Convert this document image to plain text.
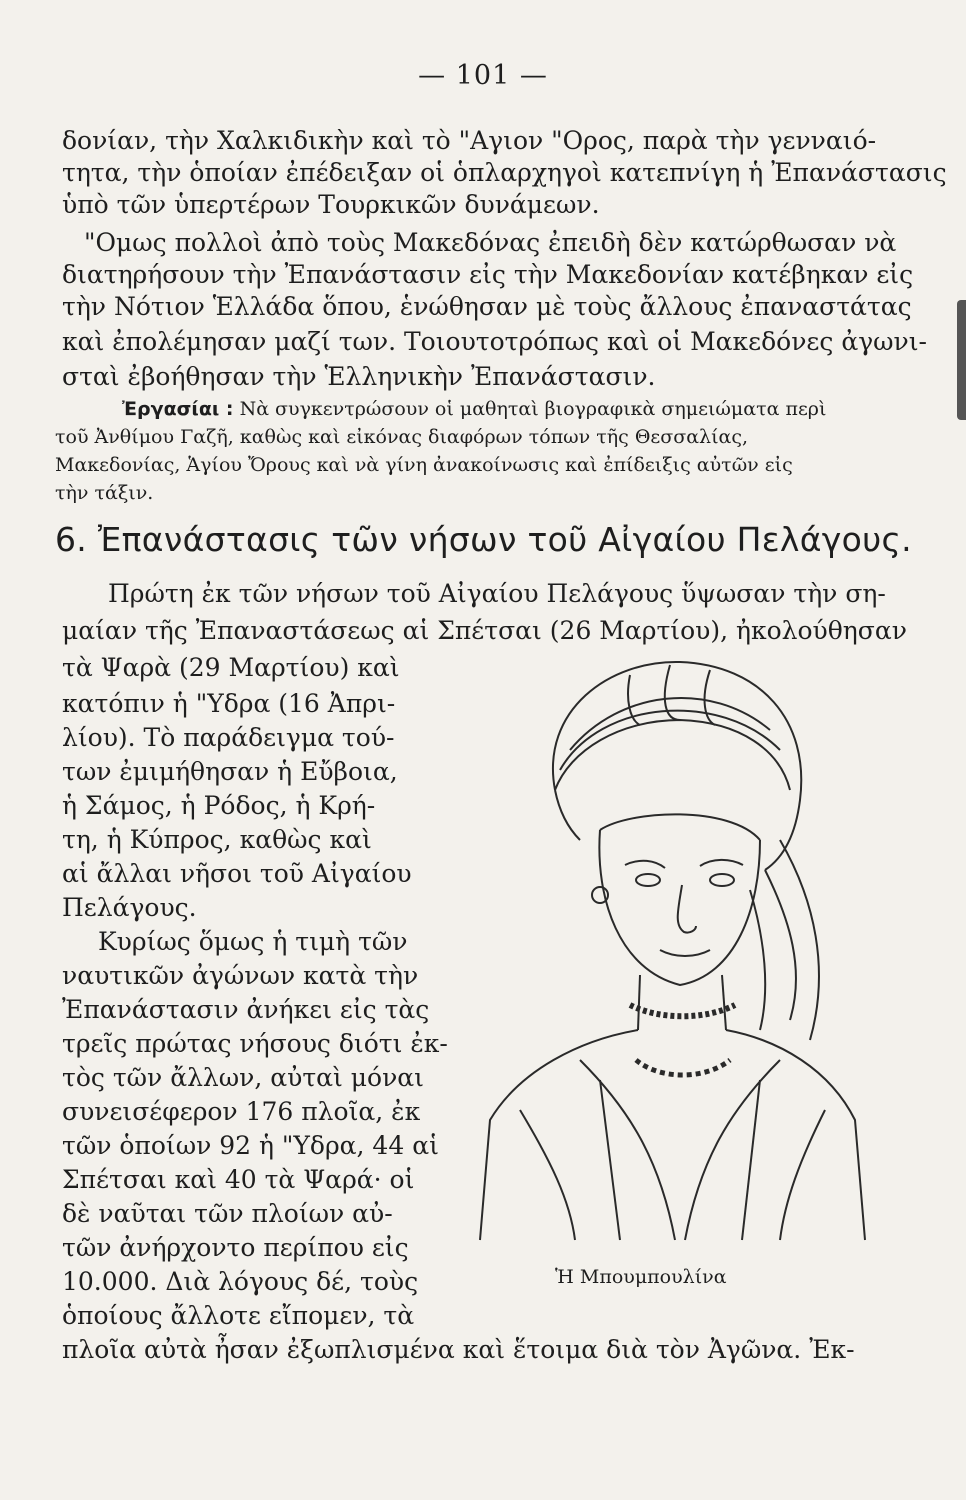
— 101 —
δονίαν, τὴν Χαλκιδικὴν καὶ τὸ "Αγιον "Ορος, παρὰ τὴν γενναιό-
τητα, τὴν ὁποίαν ἐπέδειξαν οἱ ὁπλαρχηγοὶ κατεπνίγη ἡ Ἐπανάστασις
ὑπὸ τῶν ὑπερτέρων Τουρκικῶν δυνάμεων.
"Ομως πολλοὶ ἀπὸ τοὺς Μακεδόνας ἐπειδὴ δὲν κατώρθωσαν νὰ
διατηρήσουν τὴν Ἐπανάστασιν εἰς τὴν Μακεδονίαν κατέβηκαν εἰς
τὴν Νότιον Ἑλλάδα ὅπου, ἑνώθησαν μὲ τοὺς ἄλλους ἐπαναστάτας
καὶ ἐπολέμησαν μαζί των. Τοιουτοτρόπως καὶ οἱ Μακεδόνες ἀγωνι-
σταὶ ἐβοήθησαν τὴν Ἑλληνικὴν Ἐπανάστασιν.
Ἐργασίαι : Νὰ συγκεντρώσουν οἱ μαθηταὶ βιογραφικὰ σημειώματα περὶ
τοῦ Ἀνθίμου Γαζῆ, καθὼς καὶ εἰκόνας διαφόρων τόπων τῆς Θεσσαλίας,
Μακεδονίας, Ἁγίου Ὄρους καὶ νὰ γίνη ἀνακοίνωσις καὶ ἐπίδειξις αὐτῶν εἰς
τὴν τάξιν.
6. Ἐπανάστασις τῶν νήσων τοῦ Αἰγαίου Πελάγους.
Πρώτη ἐκ τῶν νήσων τοῦ Αἰγαίου Πελάγους ὕψωσαν τὴν ση-
μαίαν τῆς Ἐπαναστάσεως αἱ Σπέτσαι (26 Μαρτίου), ἠκολούθησαν
τὰ Ψαρὰ (29 Μαρτίου) καὶ
κατόπιν ἡ "Υδρα (16 Ἀπρι-
λίου). Τὸ παράδειγμα τού-
των ἐμιμήθησαν ἡ Εὔβοια,
ἡ Σάμος, ἡ Ρόδος, ἡ Κρή-
τη, ἡ Κύπρος, καθὼς καὶ
αἱ ἄλλαι νῆσοι τοῦ Αἰγαίου
Πελάγους.
Κυρίως ὅμως ἡ τιμὴ τῶν
ναυτικῶν ἀγώνων κατὰ τὴν
Ἐπανάστασιν ἀνήκει εἰς τὰς
τρεῖς πρώτας νήσους διότι ἐκ-
τὸς τῶν ἄλλων, αὐταὶ μόναι
συνεισέφερον 176 πλοῖα, ἐκ
τῶν ὁποίων 92 ἡ "Υδρα, 44 αἱ
Σπέτσαι καὶ 40 τὰ Ψαρά· οἱ
δὲ ναῦται τῶν πλοίων αὐ-
τῶν ἀνήρχοντο περίπου εἰς
10.000. Διὰ λόγους δέ, τοὺς
ὁποίους ἄλλοτε εἴπομεν, τὰ
πλοῖα αὐτὰ ἦσαν ἐξωπλισμένα καὶ ἕτοιμα διὰ τὸν Ἀγῶνα. Ἐκ-
Ἡ Μπουμπουλίνα
